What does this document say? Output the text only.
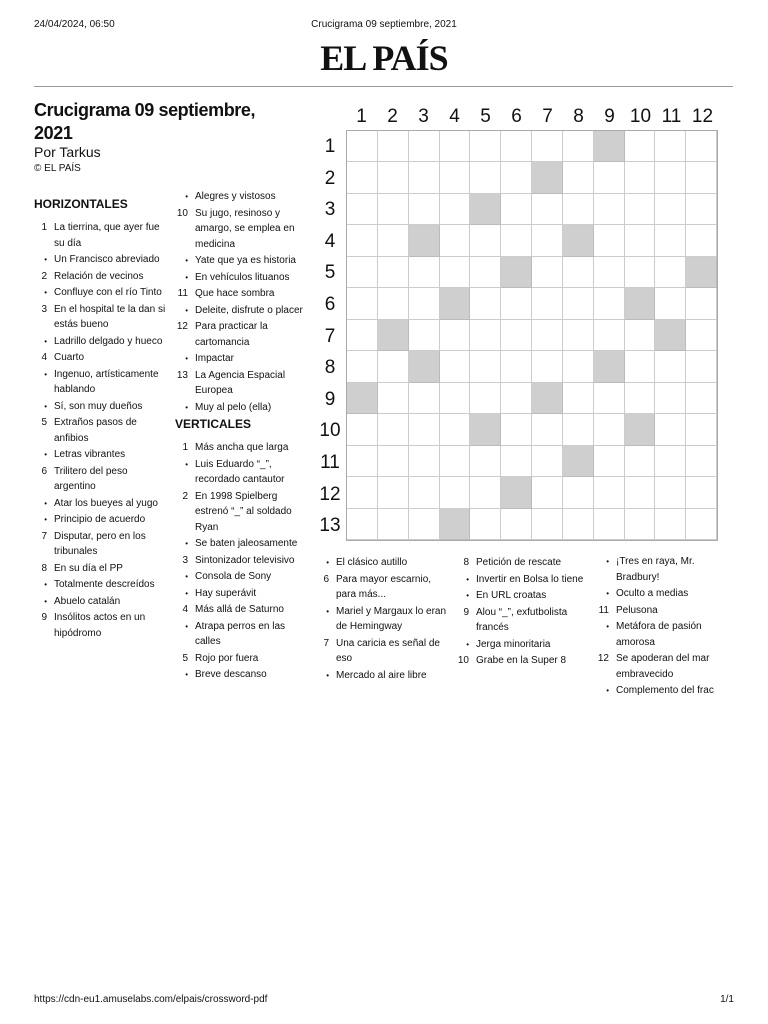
24/04/2024, 06:50	Crucigrama 09 septiembre, 2021
EL PAÍS
Crucigrama 09 septiembre, 2021
Por Tarkus
© EL PAÍS
HORIZONTALES
1 La tierrina, que ayer fue su día
• Un Francisco abreviado
2 Relación de vecinos
• Confluye con el río Tinto
3 En el hospital te la dan si estás bueno
• Ladrillo delgado y hueco
4 Cuarto
• Ingenuo, artísticamente hablando
• Sí, son muy dueños
5 Extraños pasos de anfibios
• Letras vibrantes
6 Trilitero del peso argentino
• Atar los bueyes al yugo
• Principio de acuerdo
7 Disputar, pero en los tribunales
8 En su día el PP
• Totalmente descreídos
• Abuelo catalán
9 Insólitos actos en un hipódromo
• Alegres y vistosos
10 Su jugo, resinoso y amargo, se emplea en medicina
• Yate que ya es historia
• En vehículos lituanos
11 Que hace sombra
• Deleite, disfrute o placer
12 Para practicar la cartomancia
• Impactar
13 La Agencia Espacial Europea
• Muy al pelo (ella)
VERTICALES
1 Más ancha que larga
• Luis Eduardo “_”, recordado cantautor
2 En 1998 Spielberg estrenó “_” al soldado Ryan
• Se baten jaleosamente
3 Sintonizador televisivo
• Consola de Sony
• Hay superávit
4 Más allá de Saturno
• Atrapa perros en las calles
5 Rojo por fuera
• Breve descanso
• El clásico autillo
6 Para mayor escarnio, para más...
• Mariel y Margaux lo eran de Hemingway
7 Una caricia es señal de eso
• Mercado al aire libre
8 Petición de rescate
• Invertir en Bolsa lo tiene
• En URL croatas
9 Alou “_”, exfutbolista francés
• Jerga minoritaria
10 Grabe en la Super 8
• ¡Tres en raya, Mr. Bradbury!
• Oculto a medias
11 Pelusona
• Metáfora de pasión amorosa
12 Se apoderan del mar embravecido
• Complemento del frac
1	2	3	4	5	6	7	8	9 10 11 12
1
2
3
4
5
6
7
8
9
10
11
12
13
https://cdn-eu1.amuselabs.com/elpais/crossword-pdf	1/1
